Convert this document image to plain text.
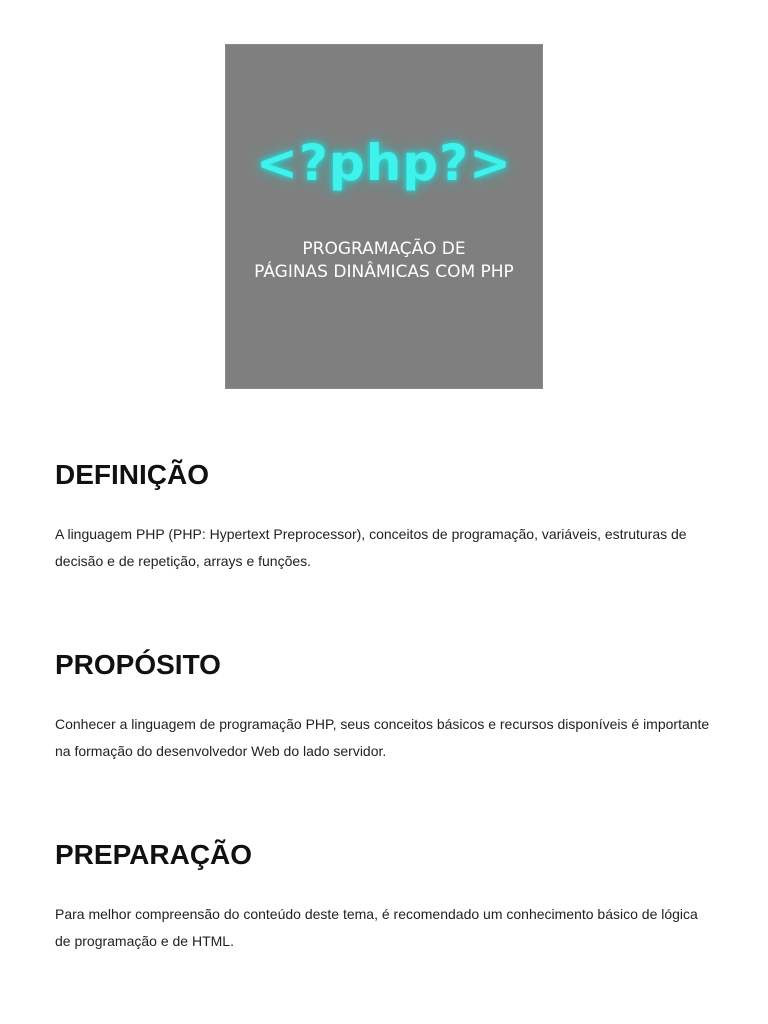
<?php?>
PROGRAMAÇÃO DE
PÁGINAS DINÂMICAS COM PHP
DEFINIÇÃO

A linguagem PHP (PHP: Hypertext Preprocessor), conceitos de programação, variáveis, estruturas de decisão e de repetição, arrays e funções.

PROPÓSITO

Conhecer a linguagem de programação PHP, seus conceitos básicos e recursos disponíveis é importante na formação do desenvolvedor Web do lado servidor.

PREPARAÇÃO

Para melhor compreensão do conteúdo deste tema, é recomendado um conhecimento básico de lógica de programação e de HTML.
